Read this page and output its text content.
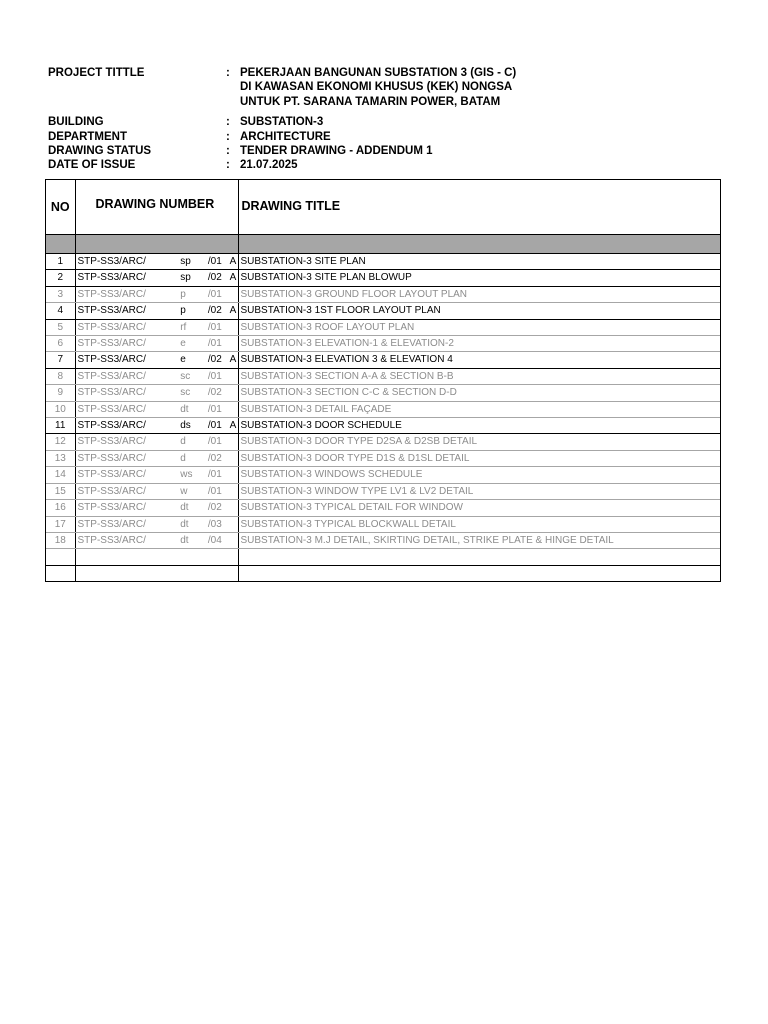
PROJECT TITTLE	: PEKERJAAN BANGUNAN SUBSTATION 3 (GIS - C)
DI KAWASAN EKONOMI KHUSUS (KEK) NONGSA
UNTUK PT. SARANA TAMARIN POWER, BATAM
BUILDING	: SUBSTATION-3
DEPARTMENT	: ARCHITECTURE
DRAWING STATUS	: TENDER DRAWING - ADDENDUM 1
DATE OF ISSUE	: 21.07.2025
NO	DRAWING NUMBER	DRAWING TITLE

1	STP-SS3/ARC/ sp /01 A	SUBSTATION-3 SITE PLAN
2	STP-SS3/ARC/ sp /02 A	SUBSTATION-3 SITE PLAN BLOWUP
3	STP-SS3/ARC/ p /01	SUBSTATION-3 GROUND FLOOR LAYOUT PLAN
4	STP-SS3/ARC/ p /02 A	SUBSTATION-3 1ST FLOOR LAYOUT PLAN
5	STP-SS3/ARC/ rf /01	SUBSTATION-3 ROOF LAYOUT PLAN
6	STP-SS3/ARC/ e /01	SUBSTATION-3 ELEVATION-1 & ELEVATION-2
7	STP-SS3/ARC/ e /02 A	SUBSTATION-3 ELEVATION 3 & ELEVATION 4
8	STP-SS3/ARC/ sc /01	SUBSTATION-3 SECTION A-A & SECTION B-B
9	STP-SS3/ARC/ sc /02	SUBSTATION-3 SECTION C-C & SECTION D-D
10	STP-SS3/ARC/ dt /01	SUBSTATION-3 DETAIL FAÇADE
11	STP-SS3/ARC/ ds /01 A	SUBSTATION-3 DOOR SCHEDULE
12	STP-SS3/ARC/ d /01	SUBSTATION-3 DOOR TYPE D2SA & D2SB DETAIL
13	STP-SS3/ARC/ d /02	SUBSTATION-3 DOOR TYPE D1S & D1SL DETAIL
14	STP-SS3/ARC/ ws /01	SUBSTATION-3 WINDOWS SCHEDULE
15	STP-SS3/ARC/ w /01	SUBSTATION-3 WINDOW TYPE LV1 & LV2 DETAIL
16	STP-SS3/ARC/ dt /02	SUBSTATION-3 TYPICAL DETAIL FOR WINDOW
17	STP-SS3/ARC/ dt /03	SUBSTATION-3 TYPICAL BLOCKWALL DETAIL
18	STP-SS3/ARC/ dt /04	SUBSTATION-3 M.J DETAIL, SKIRTING DETAIL, STRIKE PLATE & HINGE DETAIL
